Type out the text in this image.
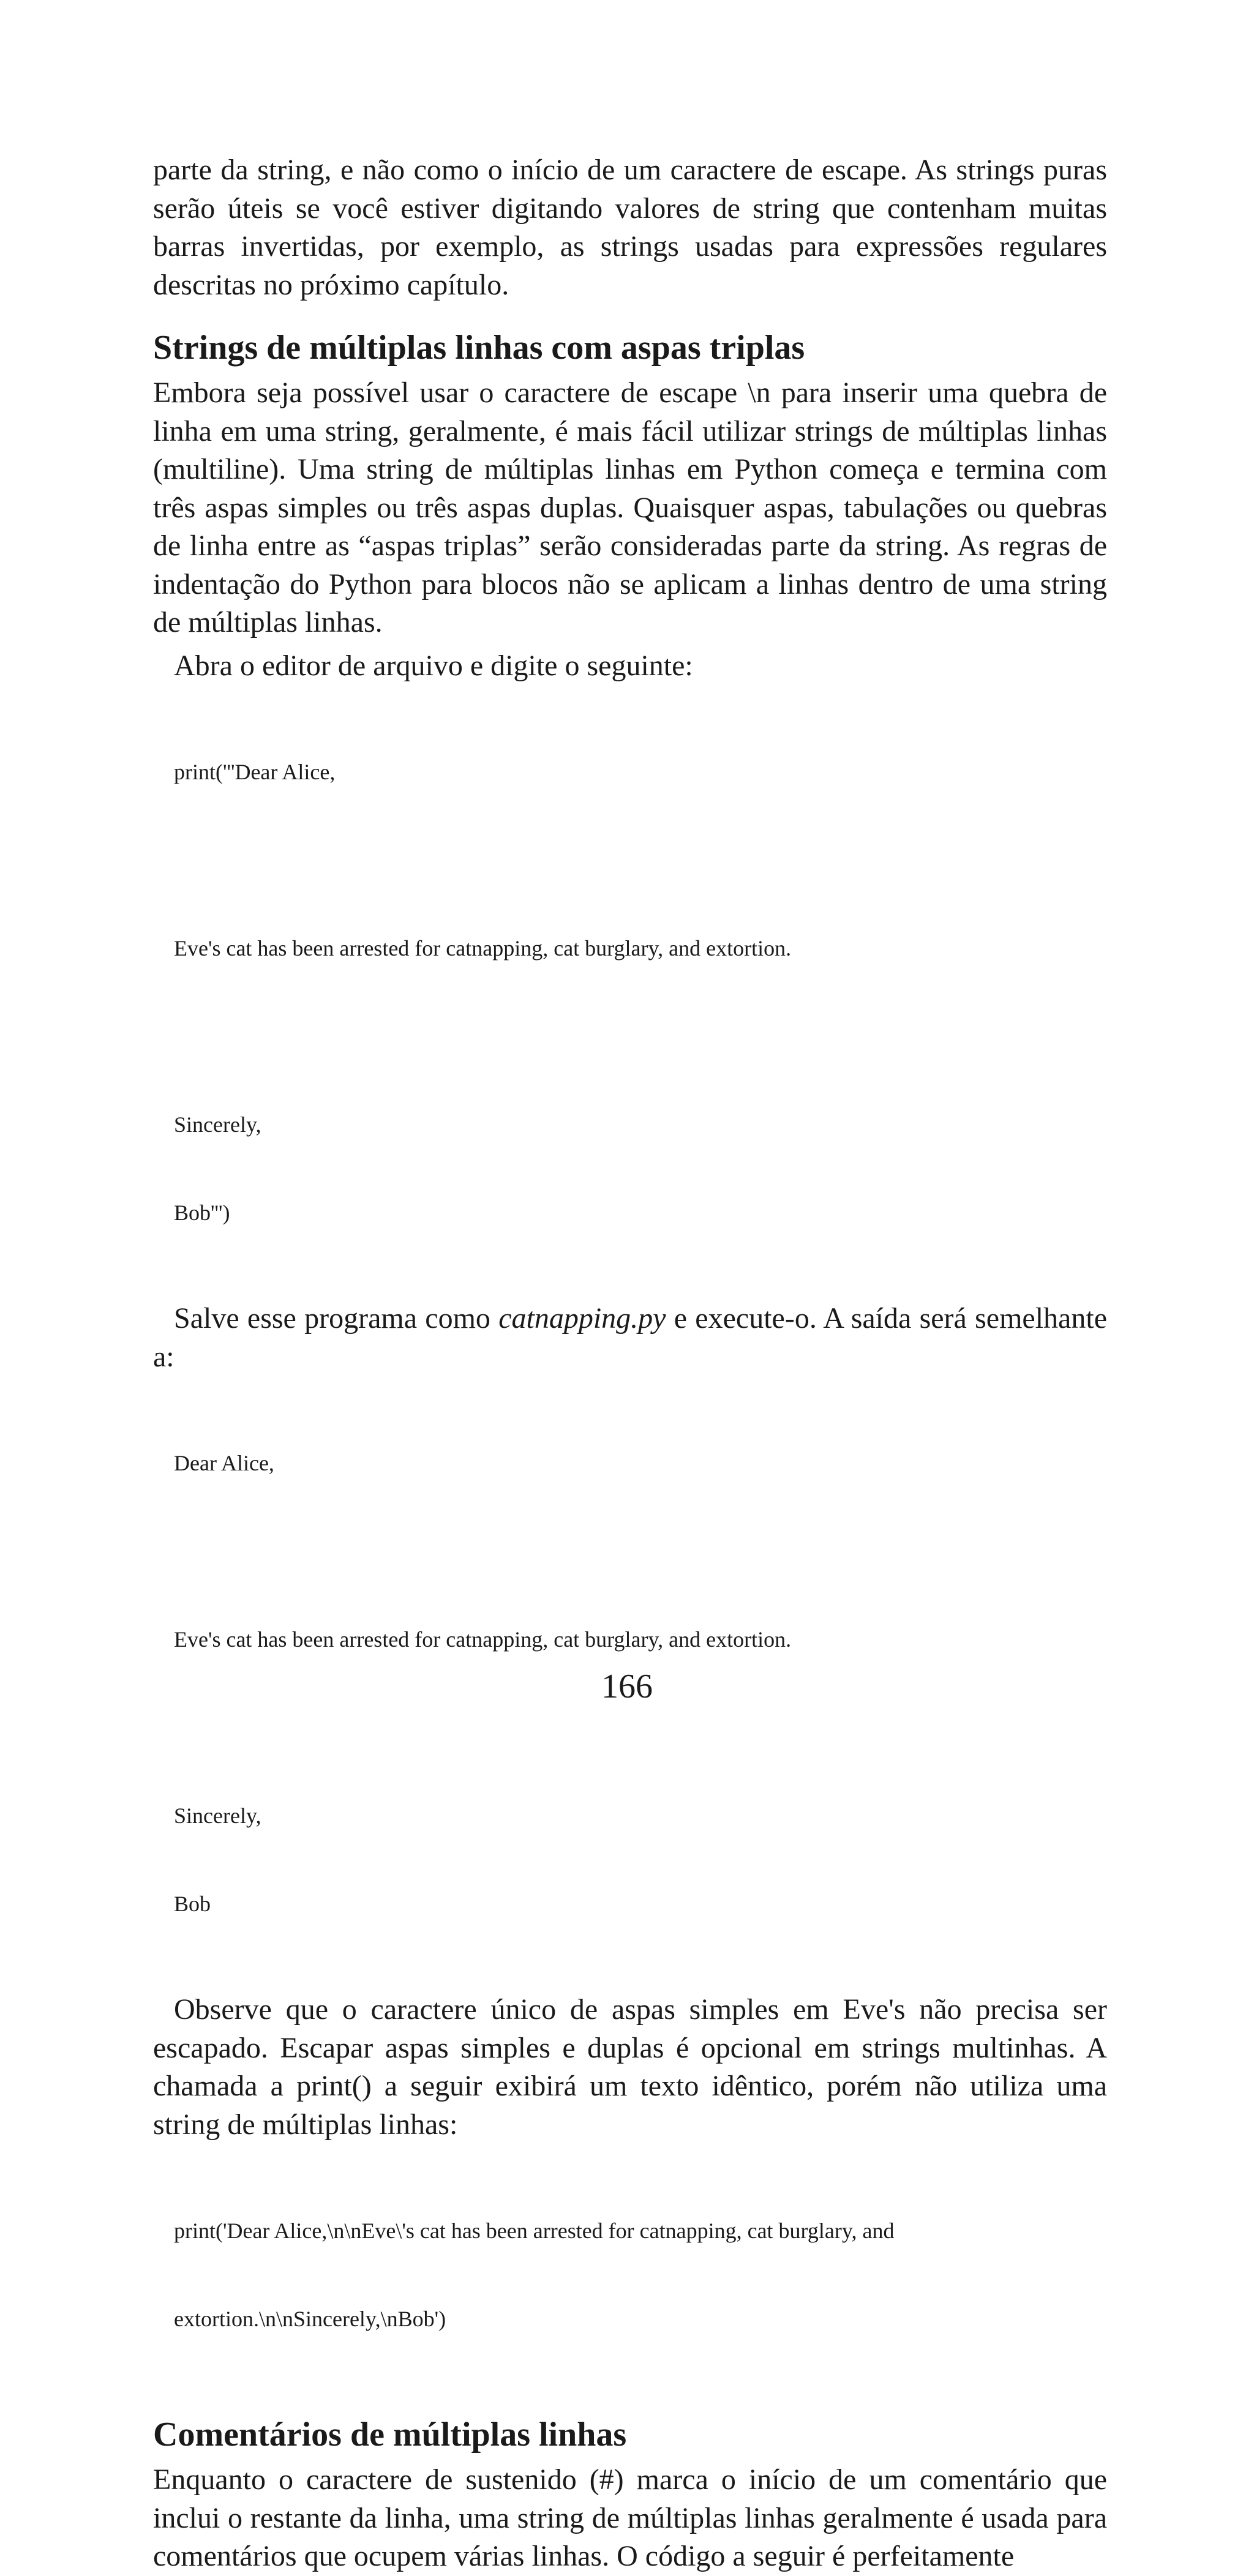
parte da string, e não como o início de um caractere de escape. As strings puras serão úteis se você estiver digitando valores de string que contenham muitas barras invertidas, por exemplo, as strings usadas para expressões regulares descritas no próximo capítulo.

Strings de múltiplas linhas com aspas triplas

Embora seja possível usar o caractere de escape \n para inserir uma quebra de linha em uma string, geralmente, é mais fácil utilizar strings de múltiplas linhas (multiline). Uma string de múltiplas linhas em Python começa e termina com três aspas simples ou três aspas duplas. Quaisquer aspas, tabulações ou quebras de linha entre as “aspas triplas” serão consideradas parte da string. As regras de indentação do Python para blocos não se aplicam a linhas dentro de uma string de múltiplas linhas.

Abra o editor de arquivo e digite o seguinte:

print('''Dear Alice,

Eve's cat has been arrested for catnapping, cat burglary, and extortion.

Sincerely,

Bob''')

Salve esse programa como catnapping.py e execute-o. A saída será semelhante a:

Dear Alice,

Eve's cat has been arrested for catnapping, cat burglary, and extortion.

Sincerely,

Bob

Observe que o caractere único de aspas simples em Eve's não precisa ser escapado. Escapar aspas simples e duplas é opcional em strings multinhas. A chamada a print() a seguir exibirá um texto idêntico, porém não utiliza uma string de múltiplas linhas:

print('Dear Alice,\n\nEve\'s cat has been arrested for catnapping, cat burglary, and

extortion.\n\nSincerely,\nBob')

Comentários de múltiplas linhas

Enquanto o caractere de sustenido (#) marca o início de um comentário que inclui o restante da linha, uma string de múltiplas linhas geralmente é usada para comentários que ocupem várias linhas. O código a seguir é perfeitamente

166
